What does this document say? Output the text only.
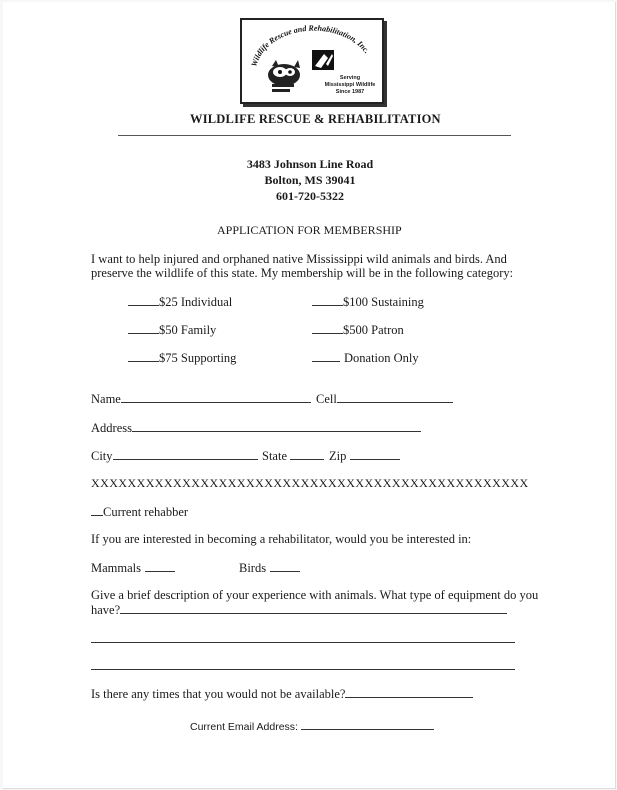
Wildlife Rescue and Rehabilitation, Inc.
Serving
Mississippi Wildlife
Since 1987
WILDLIFE RESCUE & REHABILITATION
3483 Johnson Line Road
Bolton, MS 39041
601-720-5322
APPLICATION FOR MEMBERSHIP
I want to help injured and orphaned native Mississippi wild animals and birds. And
preserve the wildlife of this state. My membership will be in the following category:
$25 Individual	$100 Sustaining
$50 Family	$500 Patron
$75 Supporting	Donation Only
Name	Cell
Address
City	State	Zip
XXXXXXXXXXXXXXXXXXXXXXXXXXXXXXXXXXXXXXXXXXXXXXXX
Current rehabber
If you are interested in becoming a rehabilitator, would you be interested in:
Mammals	Birds
Give a brief description of your experience with animals. What type of equipment do you
have?
Is there any times that you would not be available?
Current Email Address:
